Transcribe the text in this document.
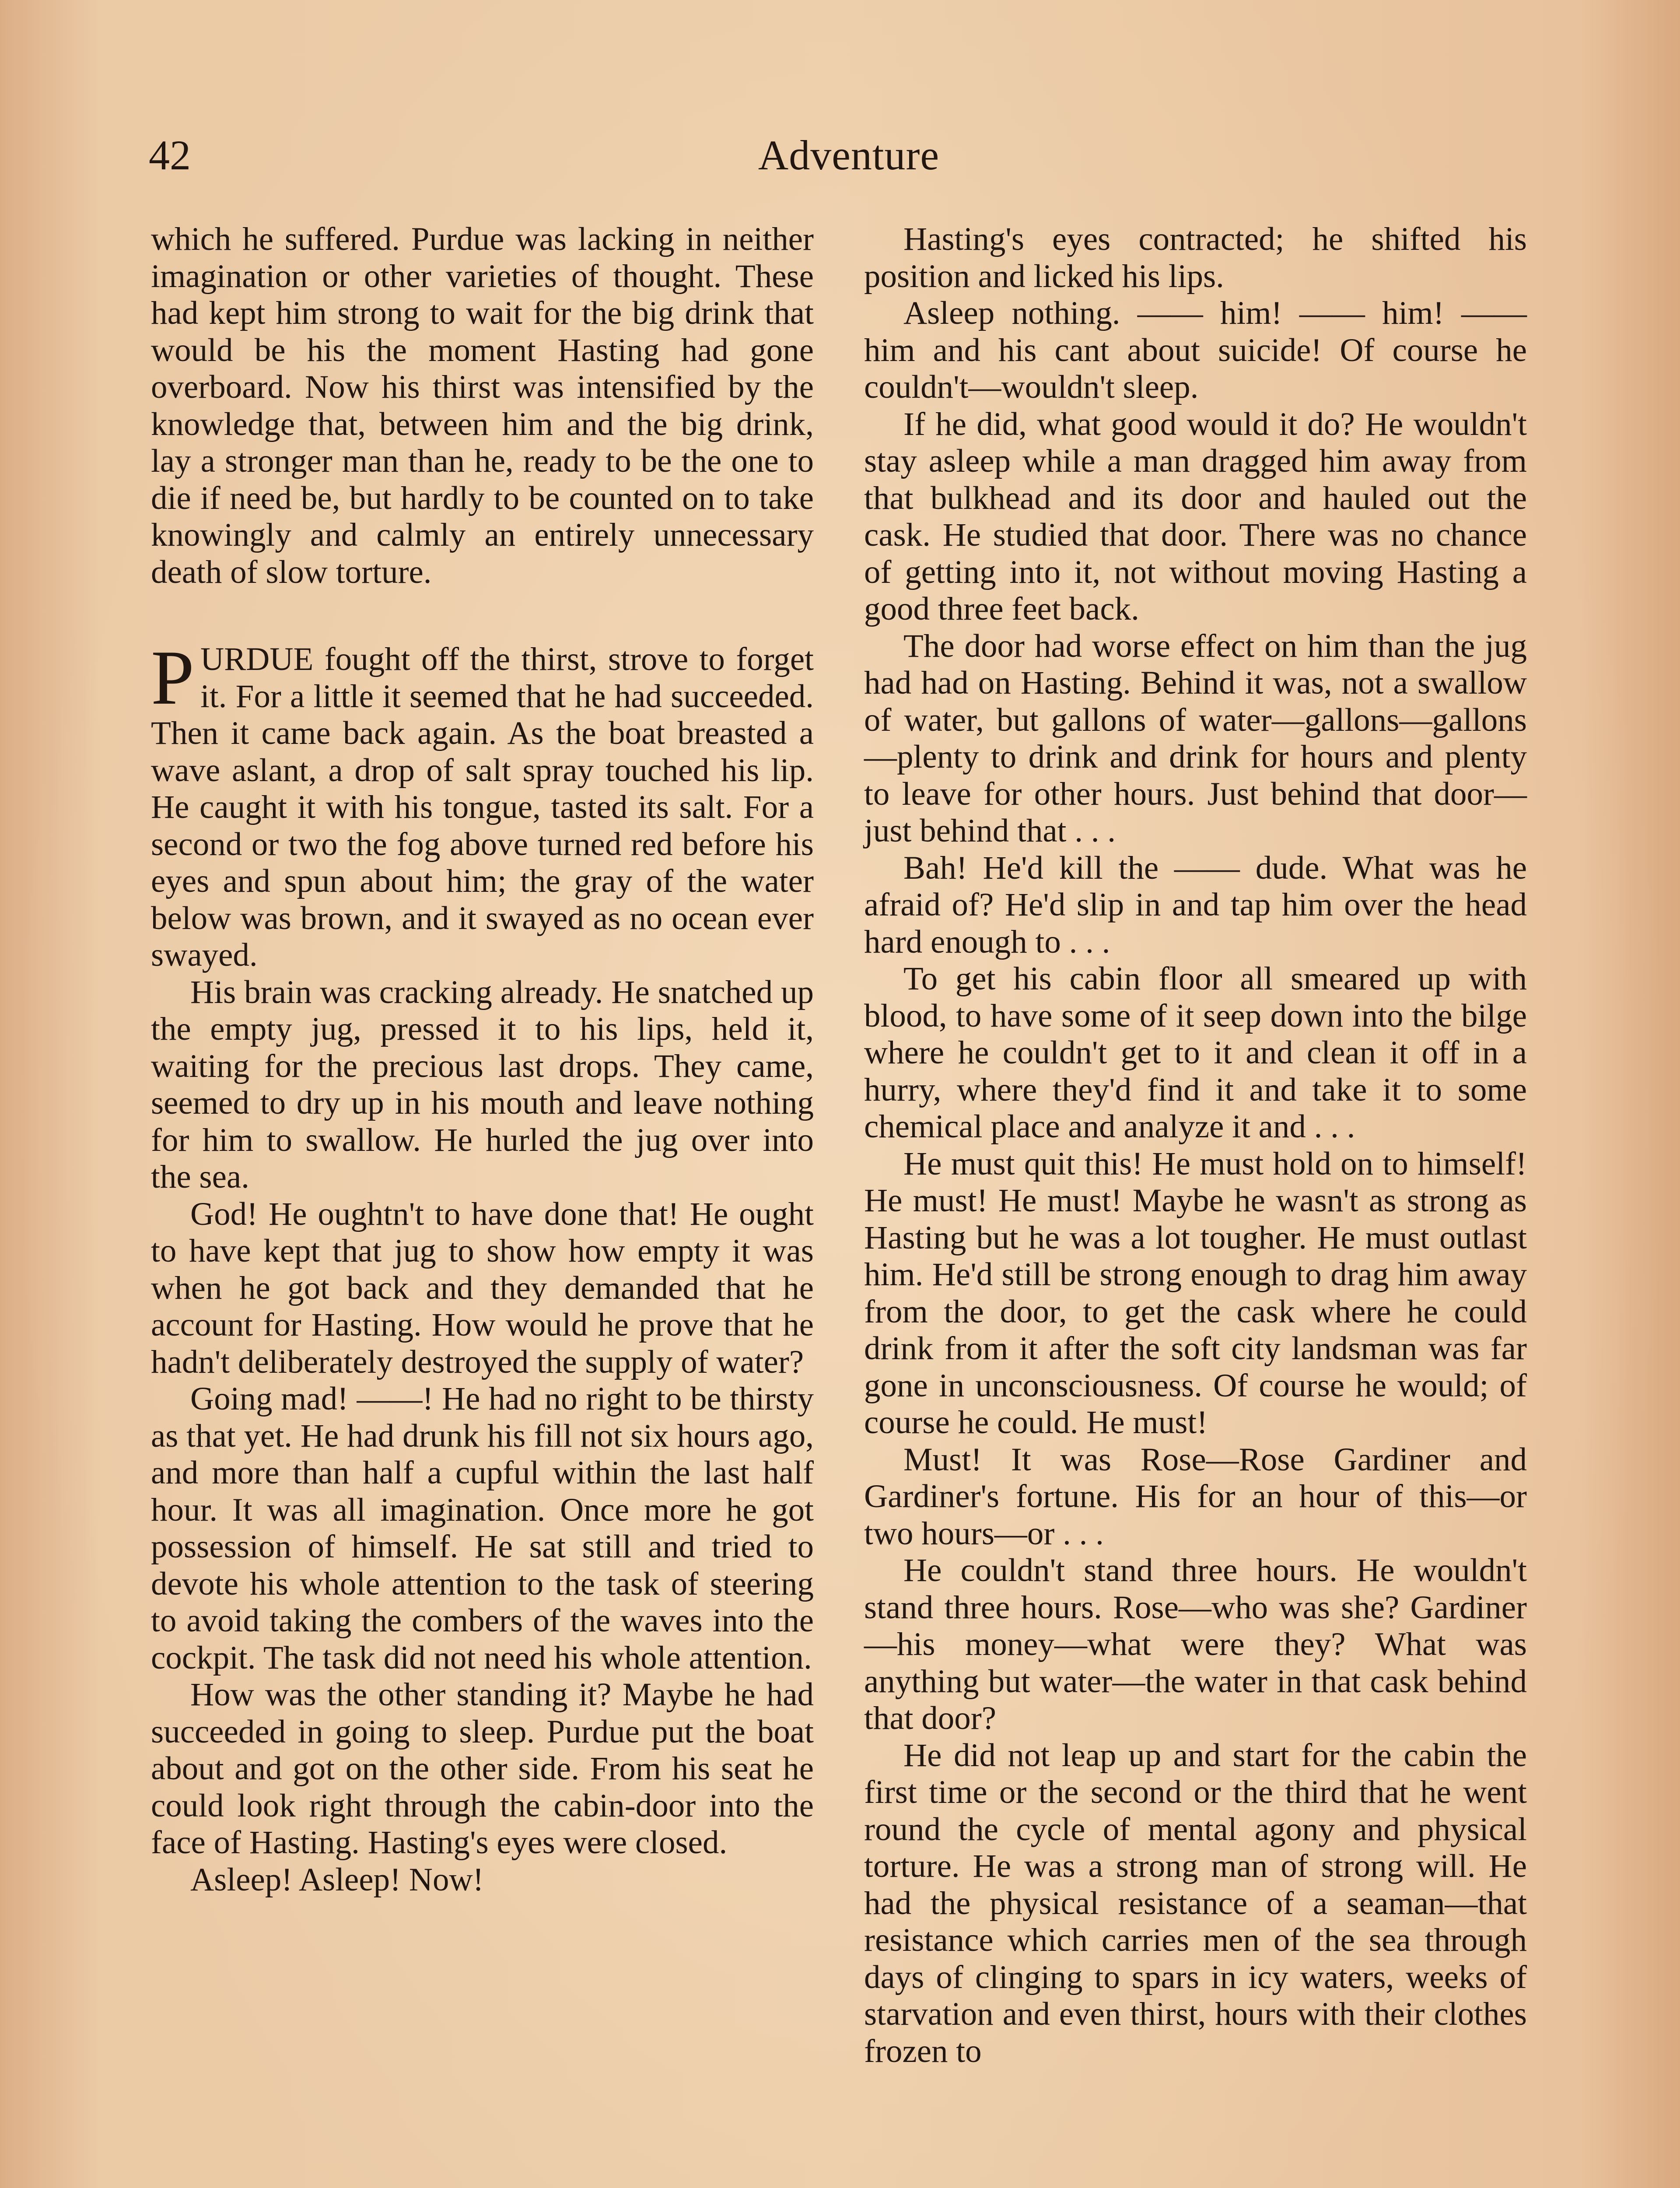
42	Adventure

which he suffered. Purdue was lacking in neither imagination or other varieties of thought. These had kept him strong to wait for the big drink that would be his the moment Hasting had gone overboard. Now his thirst was intensified by the knowledge that, between him and the big drink, lay a stronger man than he, ready to be the one to die if need be, but hardly to be counted on to take knowingly and calmly an entirely unnecessary death of slow torture.

PURDUE fought off the thirst, strove to forget it. For a little it seemed that he had succeeded. Then it came back again. As the boat breasted a wave aslant, a drop of salt spray touched his lip. He caught it with his tongue, tasted its salt. For a second or two the fog above turned red before his eyes and spun about him; the gray of the water below was brown, and it swayed as no ocean ever swayed.

His brain was cracking already. He snatched up the empty jug, pressed it to his lips, held it, waiting for the precious last drops. They came, seemed to dry up in his mouth and leave nothing for him to swallow. He hurled the jug over into the sea.

God! He oughtn't to have done that! He ought to have kept that jug to show how empty it was when he got back and they demanded that he account for Hasting. How would he prove that he hadn't deliberately destroyed the supply of water?

Going mad! ——! He had no right to be thirsty as that yet. He had drunk his fill not six hours ago, and more than half a cupful within the last half hour. It was all imagination. Once more he got possession of himself. He sat still and tried to devote his whole attention to the task of steering to avoid taking the combers of the waves into the cockpit. The task did not need his whole attention.

How was the other standing it? Maybe he had succeeded in going to sleep. Purdue put the boat about and got on the other side. From his seat he could look right through the cabin-door into the face of Hasting. Hasting's eyes were closed.

Asleep! Asleep! Now!

Hasting's eyes contracted; he shifted his position and licked his lips.

Asleep nothing. —— him! —— him! —— him and his cant about suicide! Of course he couldn't—wouldn't sleep.

If he did, what good would it do? He wouldn't stay asleep while a man dragged him away from that bulkhead and its door and hauled out the cask. He studied that door. There was no chance of getting into it, not without moving Hasting a good three feet back.

The door had worse effect on him than the jug had had on Hasting. Behind it was, not a swallow of water, but gallons of water—gallons—gallons—plenty to drink and drink for hours and plenty to leave for other hours. Just behind that door—just behind that . . .

Bah! He'd kill the —— dude. What was he afraid of? He'd slip in and tap him over the head hard enough to . . .

To get his cabin floor all smeared up with blood, to have some of it seep down into the bilge where he couldn't get to it and clean it off in a hurry, where they'd find it and take it to some chemical place and analyze it and . . .

He must quit this! He must hold on to himself! He must! He must! Maybe he wasn't as strong as Hasting but he was a lot tougher. He must outlast him. He'd still be strong enough to drag him away from the door, to get the cask where he could drink from it after the soft city landsman was far gone in unconsciousness. Of course he would; of course he could. He must!

Must! It was Rose—Rose Gardiner and Gardiner's fortune. His for an hour of this—or two hours—or . . .

He couldn't stand three hours. He wouldn't stand three hours. Rose—who was she? Gardiner—his money—what were they? What was anything but water—the water in that cask behind that door?

He did not leap up and start for the cabin the first time or the second or the third that he went round the cycle of mental agony and physical torture. He was a strong man of strong will. He had the physical resistance of a seaman—that resistance which carries men of the sea through days of clinging to spars in icy waters, weeks of starvation and even thirst, hours with their clothes frozen to
